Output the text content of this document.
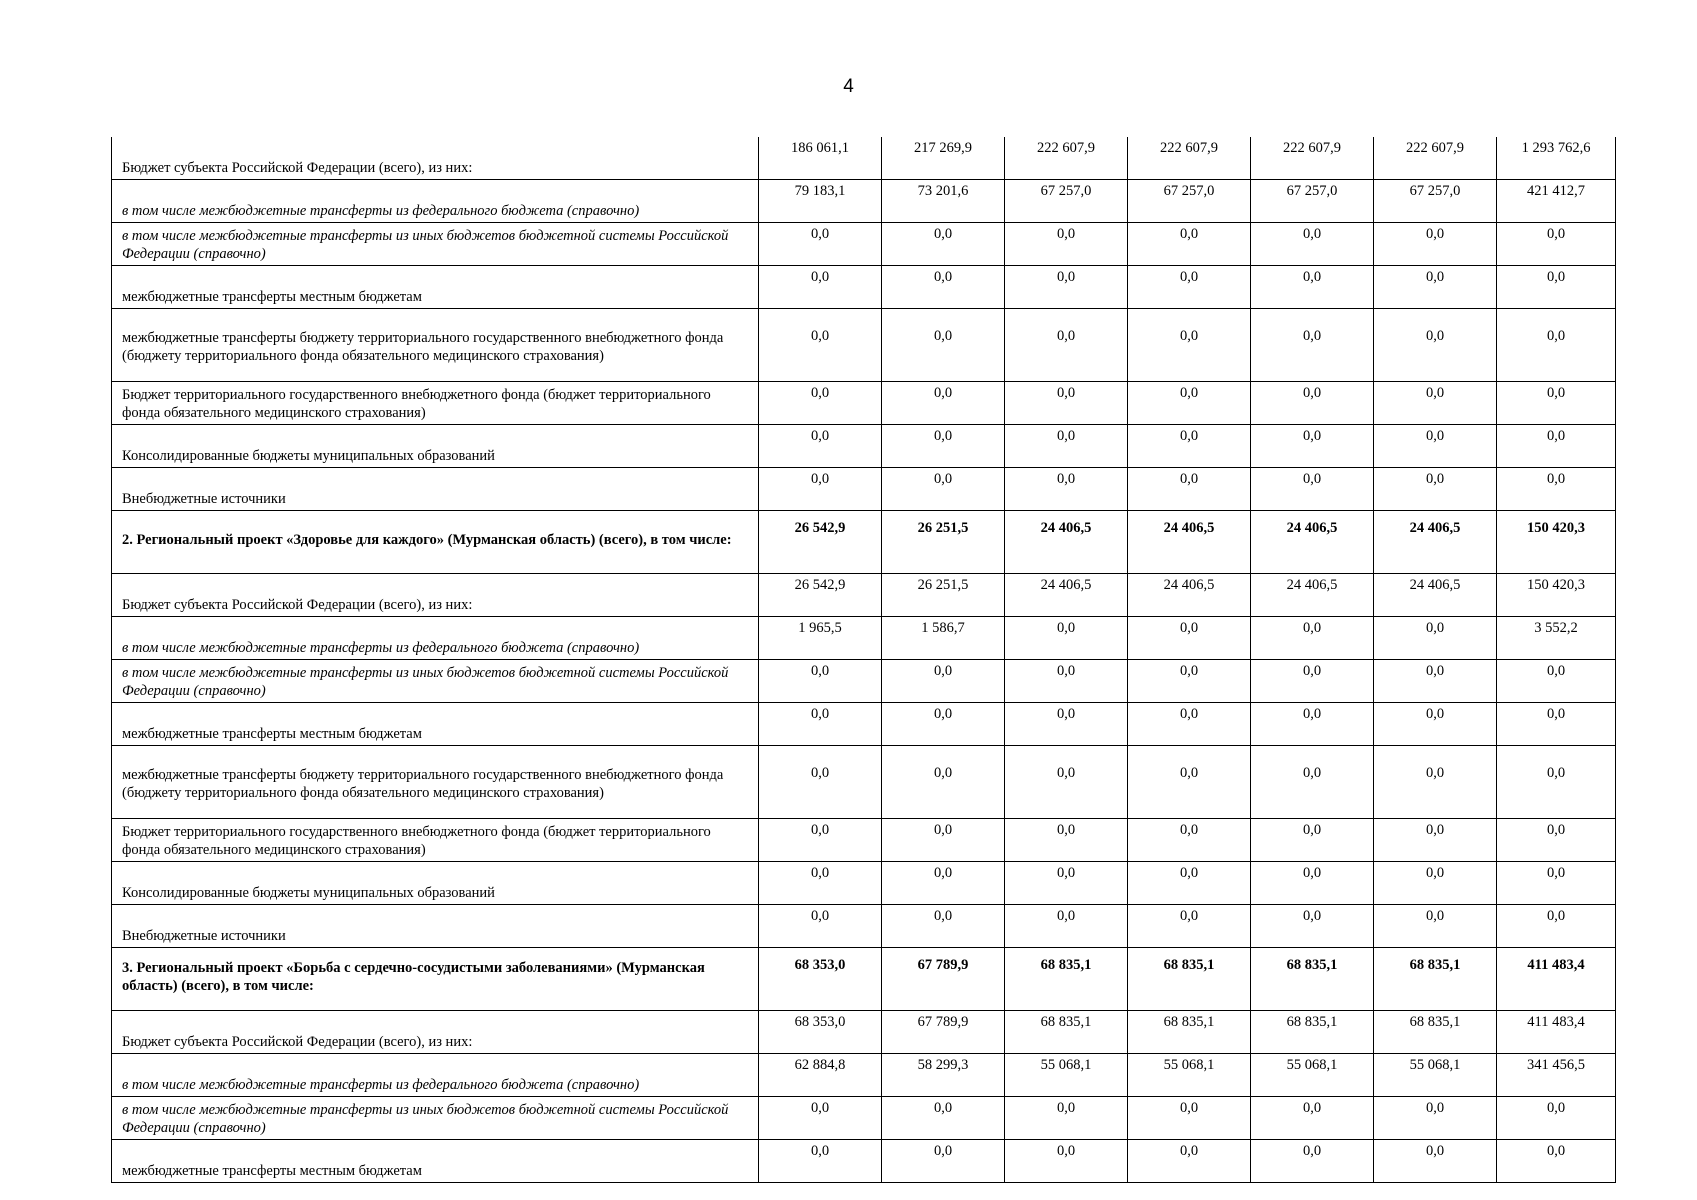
4
Бюджет субъекта Российской Федерации (всего), из них:	186 061,1	217 269,9	222 607,9	222 607,9	222 607,9	222 607,9	1 293 762,6

в том числе межбюджетные трансферты из федерального бюджета (справочно)	79 183,1	73 201,6	67 257,0	67 257,0	67 257,0	67 257,0	421 412,7

в том числе межбюджетные трансферты из иных бюджетов бюджетной системы Российской Федерации (справочно)	0,0	0,0	0,0	0,0	0,0	0,0	0,0

межбюджетные трансферты местным бюджетам	0,0	0,0	0,0	0,0	0,0	0,0	0,0

межбюджетные трансферты бюджету территориального государственного внебюджетного фонда (бюджету территориального фонда обязательного медицинского страхования)	0,0	0,0	0,0	0,0	0,0	0,0	0,0

Бюджет территориального государственного внебюджетного фонда (бюджет территориального фонда обязательного медицинского страхования)	0,0	0,0	0,0	0,0	0,0	0,0	0,0

Консолидированные бюджеты муниципальных образований	0,0	0,0	0,0	0,0	0,0	0,0	0,0

Внебюджетные источники	0,0	0,0	0,0	0,0	0,0	0,0	0,0

2. Региональный проект «Здоровье для каждого» (Мурманская область) (всего), в том числе:	26 542,9	26 251,5	24 406,5	24 406,5	24 406,5	24 406,5	150 420,3

Бюджет субъекта Российской Федерации (всего), из них:	26 542,9	26 251,5	24 406,5	24 406,5	24 406,5	24 406,5	150 420,3

в том числе межбюджетные трансферты из федерального бюджета (справочно)	1 965,5	1 586,7	0,0	0,0	0,0	0,0	3 552,2

в том числе межбюджетные трансферты из иных бюджетов бюджетной системы Российской Федерации (справочно)	0,0	0,0	0,0	0,0	0,0	0,0	0,0

межбюджетные трансферты местным бюджетам	0,0	0,0	0,0	0,0	0,0	0,0	0,0

межбюджетные трансферты бюджету территориального государственного внебюджетного фонда (бюджету территориального фонда обязательного медицинского страхования)	0,0	0,0	0,0	0,0	0,0	0,0	0,0

Бюджет территориального государственного внебюджетного фонда (бюджет территориального фонда обязательного медицинского страхования)	0,0	0,0	0,0	0,0	0,0	0,0	0,0

Консолидированные бюджеты муниципальных образований	0,0	0,0	0,0	0,0	0,0	0,0	0,0

Внебюджетные источники	0,0	0,0	0,0	0,0	0,0	0,0	0,0

3. Региональный проект «Борьба с сердечно-сосудистыми заболеваниями» (Мурманская область) (всего), в том числе:	68 353,0	67 789,9	68 835,1	68 835,1	68 835,1	68 835,1	411 483,4

Бюджет субъекта Российской Федерации (всего), из них:	68 353,0	67 789,9	68 835,1	68 835,1	68 835,1	68 835,1	411 483,4

в том числе межбюджетные трансферты из федерального бюджета (справочно)	62 884,8	58 299,3	55 068,1	55 068,1	55 068,1	55 068,1	341 456,5

в том числе межбюджетные трансферты из иных бюджетов бюджетной системы Российской Федерации (справочно)	0,0	0,0	0,0	0,0	0,0	0,0	0,0

межбюджетные трансферты местным бюджетам	0,0	0,0	0,0	0,0	0,0	0,0	0,0
